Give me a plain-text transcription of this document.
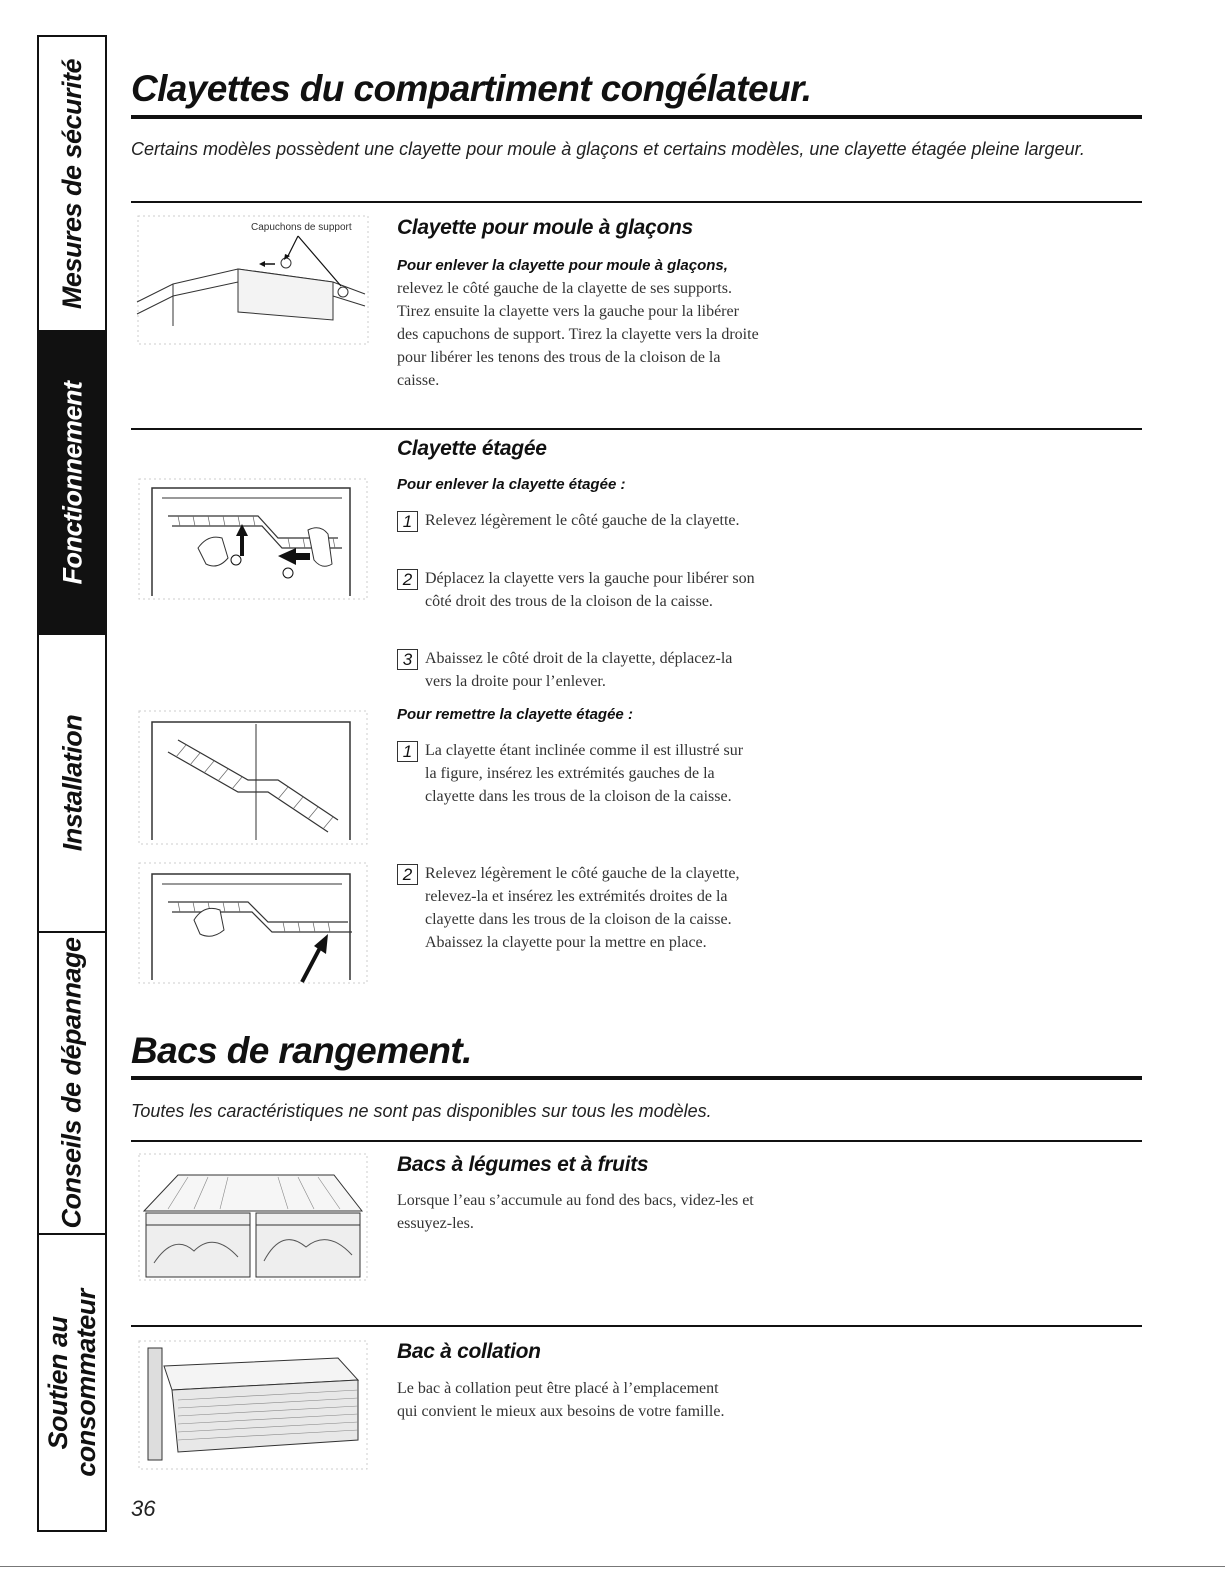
Mesures de sécurité
Fonctionnement
Installation
Conseils de dépannage
Soutien au
consommateur
Clayettes du compartiment congélateur.

Certains modèles possèdent une clayette pour moule à glaçons et certains modèles, une clayette étagée pleine largeur.

Capuchons de support Clayette pour moule à glaçons

Pour enlever la clayette pour moule à glaçons, relevez le côté gauche de la clayette de ses supports. Tirez ensuite la clayette vers la gauche pour la libérer des capuchons de support. Tirez la clayette vers la droite pour libérer les tenons des trous de la cloison de la caisse.

Clayette étagée
Pour enlever la clayette étagée :
1 Relevez légèrement le côté gauche de la clayette.

2 Déplacez la clayette vers la gauche pour libérer son côté droit des trous de la cloison de la caisse.

3 Abaissez le côté droit de la clayette, déplacez-la vers la droite pour l’enlever.

Pour remettre la clayette étagée :
1 La clayette étant inclinée comme il est illustré sur la figure, insérez les extrémités gauches de la clayette dans les trous de la cloison de la caisse.

2 Relevez légèrement le côté gauche de la clayette, relevez-la et insérez les extrémités droites de la clayette dans les trous de la cloison de la caisse. Abaissez la clayette pour la mettre en place.

Bacs de rangement.

Toutes les caractéristiques ne sont pas disponibles sur tous les modèles.

Bacs à légumes et à fruits

Lorsque l’eau s’accumule au fond des bacs, videz-les et essuyez-les.

Bac à collation

Le bac à collation peut être placé à l’emplacement qui convient le mieux aux besoins de votre famille.

36
